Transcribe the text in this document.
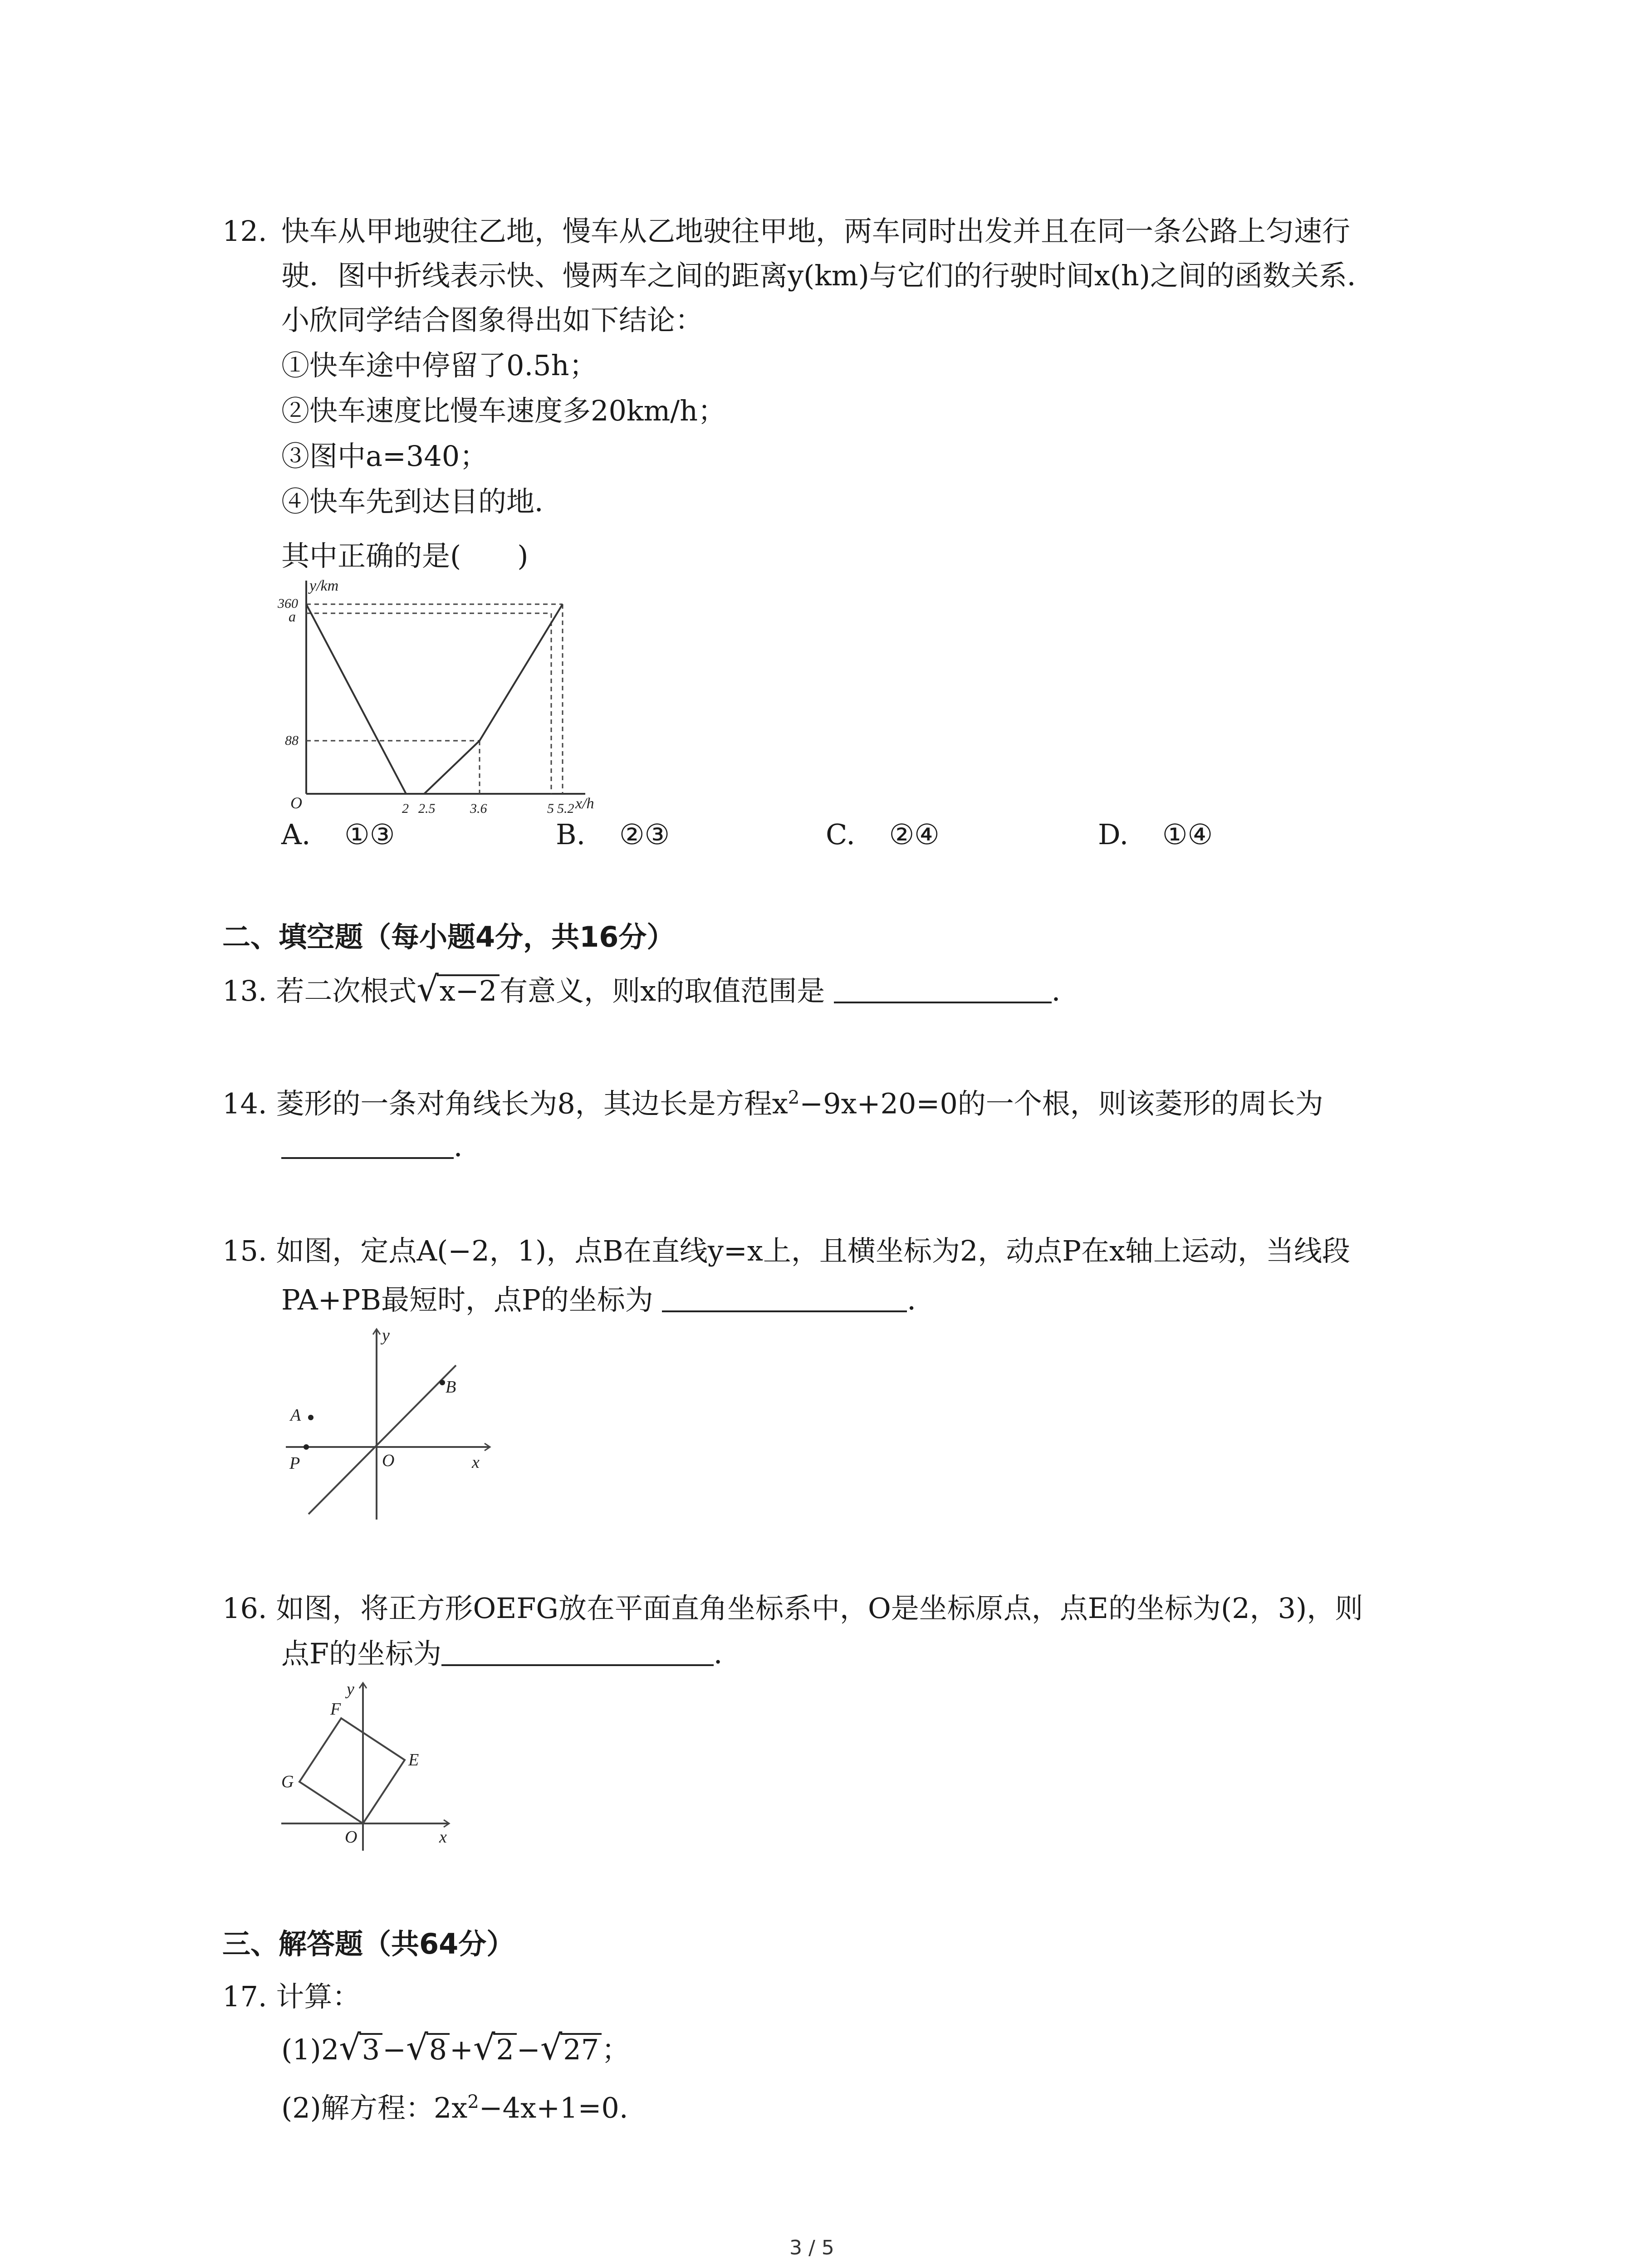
12. 快车从甲地驶往乙地，慢车从乙地驶往甲地，两车同时出发并且在同一条公路上匀速行
驶．图中折线表示快、慢两车之间的距离y(km)与它们的行驶时间x(h)之间的函数关系．
小欣同学结合图象得出如下结论：
①快车途中停留了0.5h；
②快车速度比慢车速度多20km/h；
③图中a=340；
④快车先到达目的地．
其中正确的是(　　)
y/km
360
a
88
O	2 2.5	3.6	5 5.2 x/h
A. ①③	B. ②③	C. ②④	D. ①④
二、填空题（每小题4分，共16分）
13. 若二次根式√x−2有意义，则x的取值范围是	．
14. 菱形的一条对角线长为8，其边长是方程$x^2-9x+20=0$的一个根，则该菱形的周长为
．
15. 如图，定点A(−2，1)，点B在直线y=x上，且横坐标为2，动点P在x轴上运动，当线段
PA+PB最短时，点P的坐标为	．
A
B
P	O	x
y
16. 如图，将正方形OEFG放在平面直角坐标系中，O是坐标原点，点E的坐标为(2，3)，则
点F的坐标为	．
F
E
G
O	x
y
三、解答题（共64分）
17. 计算：
(1)2√3−√8+√2−√27；
(2)解方程：$2x^2-4x+1=0$.
3 / 5
